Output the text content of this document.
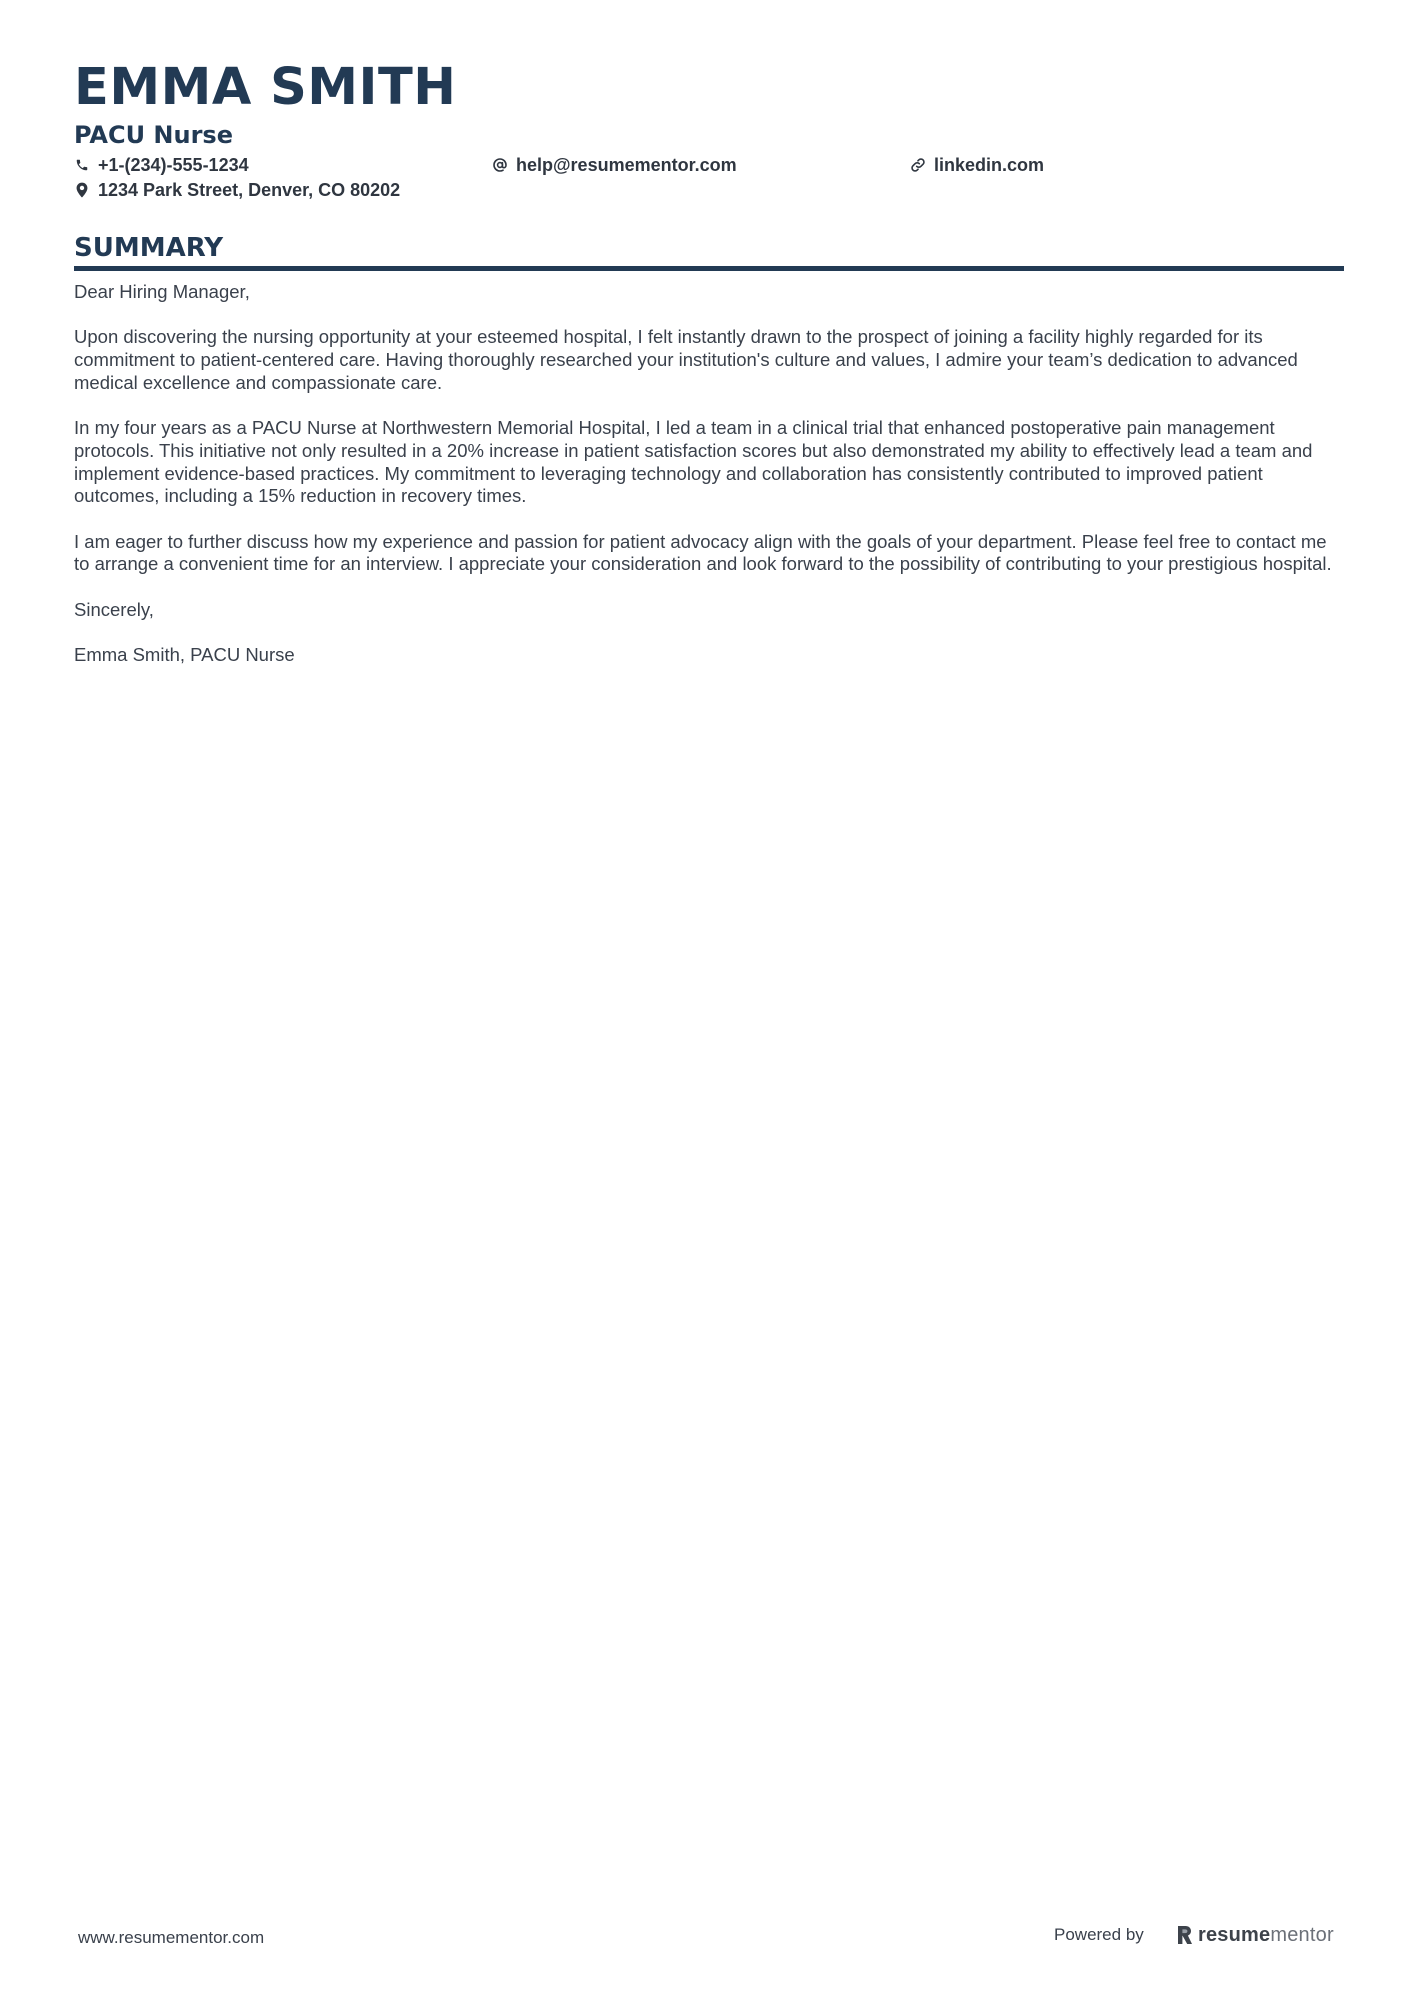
EMMA SMITH
PACU Nurse
+1-(234)-555-1234	help@resumementor.com	linkedin.com
1234 Park Street, Denver, CO 80202
SUMMARY

Dear Hiring Manager,

Upon discovering the nursing opportunity at your esteemed hospital, I felt instantly drawn to the prospect of joining a facility highly regarded for its commitment to patient-centered care. Having thoroughly researched your institution's culture and values, I admire your team’s dedication to advanced medical excellence and compassionate care.

In my four years as a PACU Nurse at Northwestern Memorial Hospital, I led a team in a clinical trial that enhanced postoperative pain management protocols. This initiative not only resulted in a 20% increase in patient satisfaction scores but also demonstrated my ability to effectively lead a team and implement evidence-based practices. My commitment to leveraging technology and collaboration has consistently contributed to improved patient outcomes, including a 15% reduction in recovery times.

I am eager to further discuss how my experience and passion for patient advocacy align with the goals of your department. Please feel free to contact me to arrange a convenient time for an interview. I appreciate your consideration and look forward to the possibility of contributing to your prestigious hospital.

Sincerely,

Emma Smith, PACU Nurse

www.resumementor.com	Powered by	resumementor
